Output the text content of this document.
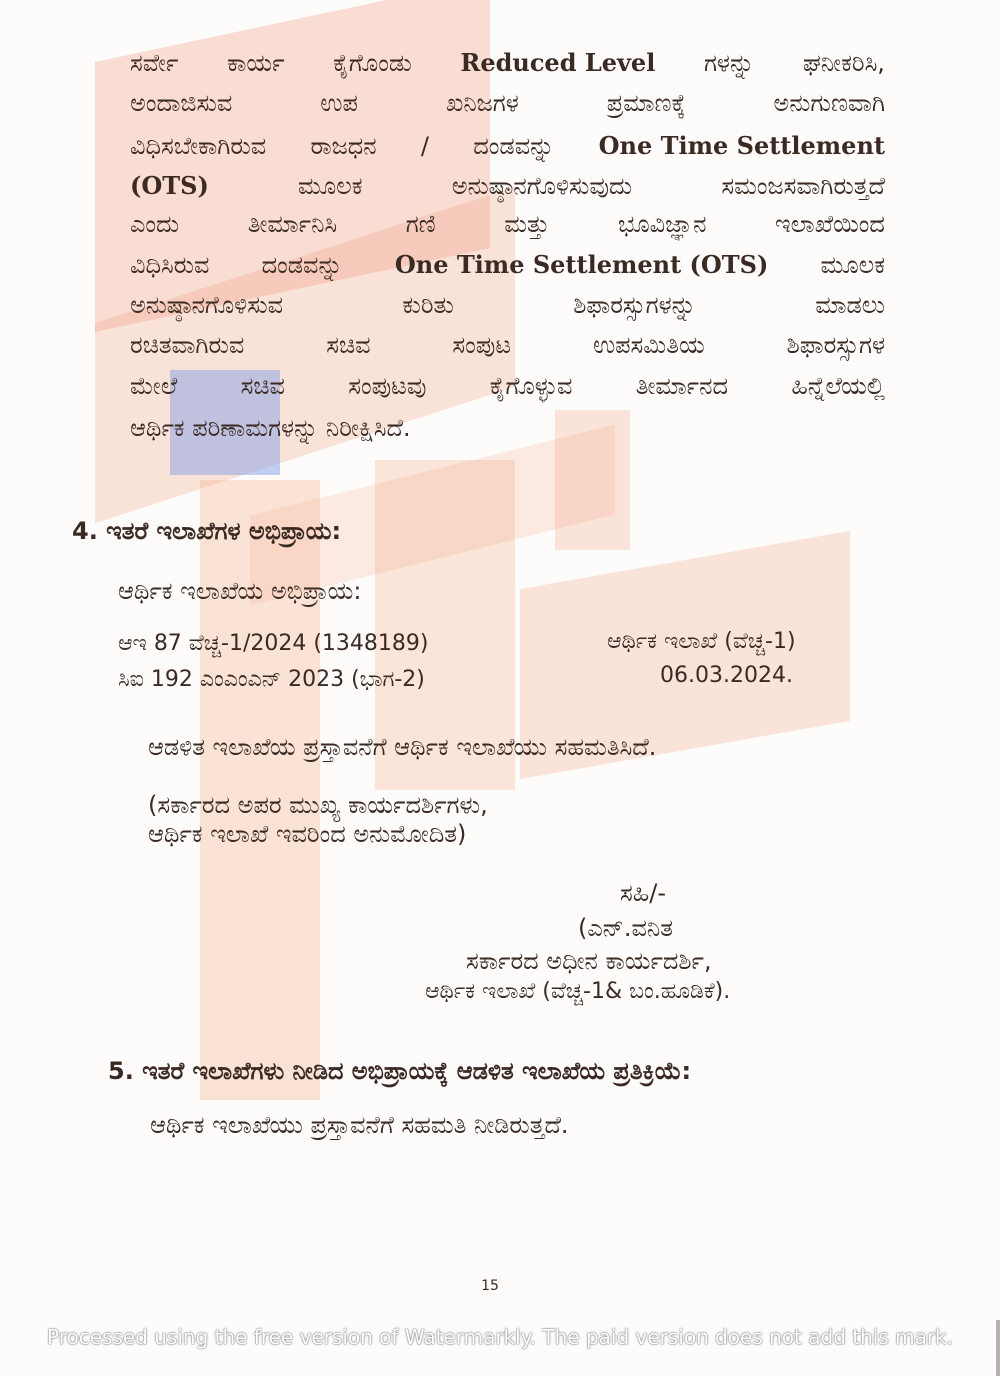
ಸರ್ವೇ ಕಾರ್ಯ ಕೈಗೊಂಡು Reduced Level ಗಳನ್ನು ಘನೀಕರಿಸಿ,
ಅಂದಾಜಿಸುವ	ಉಪ	ಖನಿಜಗಳ	ಪ್ರಮಾಣಕ್ಕೆ	ಅನುಗುಣವಾಗಿ
ವಿಧಿಸಬೇಕಾಗಿರುವ ರಾಜಧನ / ದಂಡವನ್ನು One Time Settlement
(OTS)	ಮೂಲಕ	ಅನುಷ್ಠಾನಗೊಳಿಸುವುದು	ಸಮಂಜಸವಾಗಿರುತ್ತದೆ
ಎಂದು	ತೀರ್ಮಾನಿಸಿ	ಗಣಿ	ಮತ್ತು	ಭೂವಿಜ್ಞಾನ	ಇಲಾಖೆಯಿಂದ
ವಿಧಿಸಿರುವ ದಂಡವನ್ನು One Time Settlement (OTS) ಮೂಲಕ
ಅನುಷ್ಠಾನಗೊಳಿಸುವ	ಕುರಿತು	ಶಿಫಾರಸ್ಸುಗಳನ್ನು	ಮಾಡಲು
ರಚಿತವಾಗಿರುವ	ಸಚಿವ	ಸಂಪುಟ	ಉಪಸಮಿತಿಯ	ಶಿಫಾರಸ್ಸುಗಳ
ಮೇಲೆ	ಸಚಿವ	ಸಂಪುಟವು	ಕೈಗೊಳ್ಳುವ	ತೀರ್ಮಾನದ	ಹಿನ್ನೆಲೆಯಲ್ಲಿ
ಆರ್ಥಿಕ ಪರಿಣಾಮಗಳನ್ನು ನಿರೀಕ್ಷಿಸಿದೆ.
4. ಇತರೆ ಇಲಾಖೆಗಳ ಅಭಿಪ್ರಾಯ:
ಆರ್ಥಿಕ ಇಲಾಖೆಯ ಅಭಿಪ್ರಾಯ:
ಆಇ 87 ವೆಚ್ಚ-1/2024 (1348189)
ಸಿಐ 192 ಎಂಎಂಎನ್ 2023 (ಭಾಗ-2)
ಆರ್ಥಿಕ ಇಲಾಖೆ (ವೆಚ್ಚ-1)
06.03.2024.
ಆಡಳಿತ ಇಲಾಖೆಯ ಪ್ರಸ್ತಾವನೆಗೆ ಆರ್ಥಿಕ ಇಲಾಖೆಯು ಸಹಮತಿಸಿದೆ.
(ಸರ್ಕಾರದ ಅಪರ ಮುಖ್ಯ ಕಾರ್ಯದರ್ಶಿಗಳು,
ಆರ್ಥಿಕ ಇಲಾಖೆ ಇವರಿಂದ ಅನುಮೋದಿತ)
ಸಹಿ/-
(ಎನ್.ವನಿತ
ಸರ್ಕಾರದ ಅಧೀನ ಕಾರ್ಯದರ್ಶಿ,
ಆರ್ಥಿಕ ಇಲಾಖೆ (ವೆಚ್ಚ-1& ಬಂ.ಹೂಡಿಕೆ).
5. ಇತರೆ ಇಲಾಖೆಗಳು ನೀಡಿದ ಅಭಿಪ್ರಾಯಕ್ಕೆ ಆಡಳಿತ ಇಲಾಖೆಯ ಪ್ರತಿಕ್ರಿಯೆ:
ಆರ್ಥಿಕ ಇಲಾಖೆಯು ಪ್ರಸ್ತಾವನೆಗೆ ಸಹಮತಿ ನೀಡಿರುತ್ತದೆ.
15
Processed using the free version of Watermarkly. The paid version does not add this mark.
